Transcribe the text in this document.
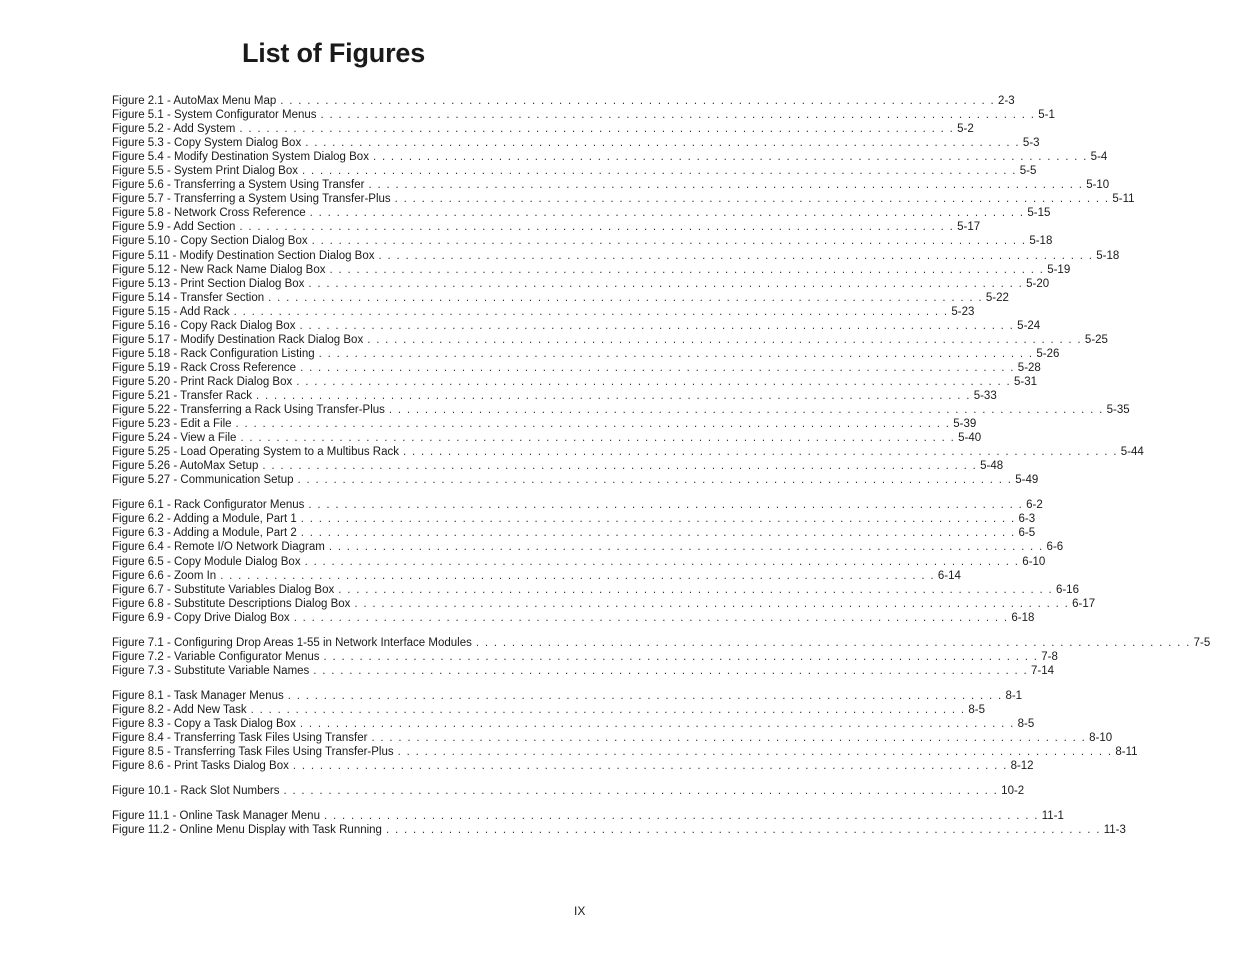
List of Figures
Figure 2.1 - AutoMax Menu Map . . . . . . . . . . . . . . . . . . . . . . . . . . . . . . . . . . . . . . . . . . . . . . . . . . . . . . . . . . . . . . . . . . . . . . . . . . . . . . . . 2-3
Figure 5.1 - System Configurator Menus . . . . . . . . . . . . . . . . . . . . . . . . . . . . . . . . . . . . . . . . . . . . . . . . . . . . . . . . . . . . . . . . . . . . . . . . . . . . . . . . 5-1
Figure 5.2 - Add System . . . . . . . . . . . . . . . . . . . . . . . . . . . . . . . . . . . . . . . . . . . . . . . . . . . . . . . . . . . . . . . . . . . . . . . . . . . . . . . . 5-2
Figure 5.3 - Copy System Dialog Box . . . . . . . . . . . . . . . . . . . . . . . . . . . . . . . . . . . . . . . . . . . . . . . . . . . . . . . . . . . . . . . . . . . . . . . . . . . . . . . . 5-3
Figure 5.4 - Modify Destination System Dialog Box . . . . . . . . . . . . . . . . . . . . . . . . . . . . . . . . . . . . . . . . . . . . . . . . . . . . . . . . . . . . . . . . . . . . . . . . . . . . . . . . 5-4
Figure 5.5 - System Print Dialog Box . . . . . . . . . . . . . . . . . . . . . . . . . . . . . . . . . . . . . . . . . . . . . . . . . . . . . . . . . . . . . . . . . . . . . . . . . . . . . . . . 5-5
Figure 5.6 - Transferring a System Using Transfer . . . . . . . . . . . . . . . . . . . . . . . . . . . . . . . . . . . . . . . . . . . . . . . . . . . . . . . . . . . . . . . . . . . . . . . . . . . . . . . . 5-10
Figure 5.7 - Transferring a System Using Transfer-Plus . . . . . . . . . . . . . . . . . . . . . . . . . . . . . . . . . . . . . . . . . . . . . . . . . . . . . . . . . . . . . . . . . . . . . . . . . . . . . . . . 5-11
Figure 5.8 - Network Cross Reference . . . . . . . . . . . . . . . . . . . . . . . . . . . . . . . . . . . . . . . . . . . . . . . . . . . . . . . . . . . . . . . . . . . . . . . . . . . . . . . . 5-15
Figure 5.9 - Add Section . . . . . . . . . . . . . . . . . . . . . . . . . . . . . . . . . . . . . . . . . . . . . . . . . . . . . . . . . . . . . . . . . . . . . . . . . . . . . . . . 5-17
Figure 5.10 - Copy Section Dialog Box . . . . . . . . . . . . . . . . . . . . . . . . . . . . . . . . . . . . . . . . . . . . . . . . . . . . . . . . . . . . . . . . . . . . . . . . . . . . . . . . 5-18
Figure 5.11 - Modify Destination Section Dialog Box . . . . . . . . . . . . . . . . . . . . . . . . . . . . . . . . . . . . . . . . . . . . . . . . . . . . . . . . . . . . . . . . . . . . . . . . . . . . . . . . 5-18
Figure 5.12 - New Rack Name Dialog Box . . . . . . . . . . . . . . . . . . . . . . . . . . . . . . . . . . . . . . . . . . . . . . . . . . . . . . . . . . . . . . . . . . . . . . . . . . . . . . . . 5-19
Figure 5.13 - Print Section Dialog Box . . . . . . . . . . . . . . . . . . . . . . . . . . . . . . . . . . . . . . . . . . . . . . . . . . . . . . . . . . . . . . . . . . . . . . . . . . . . . . . . 5-20
Figure 5.14 - Transfer Section . . . . . . . . . . . . . . . . . . . . . . . . . . . . . . . . . . . . . . . . . . . . . . . . . . . . . . . . . . . . . . . . . . . . . . . . . . . . . . . . 5-22
Figure 5.15 - Add Rack . . . . . . . . . . . . . . . . . . . . . . . . . . . . . . . . . . . . . . . . . . . . . . . . . . . . . . . . . . . . . . . . . . . . . . . . . . . . . . . . 5-23
Figure 5.16 - Copy Rack Dialog Box . . . . . . . . . . . . . . . . . . . . . . . . . . . . . . . . . . . . . . . . . . . . . . . . . . . . . . . . . . . . . . . . . . . . . . . . . . . . . . . . 5-24
Figure 5.17 - Modify Destination Rack Dialog Box . . . . . . . . . . . . . . . . . . . . . . . . . . . . . . . . . . . . . . . . . . . . . . . . . . . . . . . . . . . . . . . . . . . . . . . . . . . . . . . . 5-25
Figure 5.18 - Rack Configuration Listing . . . . . . . . . . . . . . . . . . . . . . . . . . . . . . . . . . . . . . . . . . . . . . . . . . . . . . . . . . . . . . . . . . . . . . . . . . . . . . . . 5-26
Figure 5.19 - Rack Cross Reference . . . . . . . . . . . . . . . . . . . . . . . . . . . . . . . . . . . . . . . . . . . . . . . . . . . . . . . . . . . . . . . . . . . . . . . . . . . . . . . . 5-28
Figure 5.20 - Print Rack Dialog Box . . . . . . . . . . . . . . . . . . . . . . . . . . . . . . . . . . . . . . . . . . . . . . . . . . . . . . . . . . . . . . . . . . . . . . . . . . . . . . . . 5-31
Figure 5.21 - Transfer Rack . . . . . . . . . . . . . . . . . . . . . . . . . . . . . . . . . . . . . . . . . . . . . . . . . . . . . . . . . . . . . . . . . . . . . . . . . . . . . . . . 5-33
Figure 5.22 - Transferring a Rack Using Transfer-Plus . . . . . . . . . . . . . . . . . . . . . . . . . . . . . . . . . . . . . . . . . . . . . . . . . . . . . . . . . . . . . . . . . . . . . . . . . . . . . . . . 5-35
Figure 5.23 - Edit a File . . . . . . . . . . . . . . . . . . . . . . . . . . . . . . . . . . . . . . . . . . . . . . . . . . . . . . . . . . . . . . . . . . . . . . . . . . . . . . . . 5-39
Figure 5.24 - View a File . . . . . . . . . . . . . . . . . . . . . . . . . . . . . . . . . . . . . . . . . . . . . . . . . . . . . . . . . . . . . . . . . . . . . . . . . . . . . . . . 5-40
Figure 5.25 - Load Operating System to a Multibus Rack . . . . . . . . . . . . . . . . . . . . . . . . . . . . . . . . . . . . . . . . . . . . . . . . . . . . . . . . . . . . . . . . . . . . . . . . . . . . . . . . 5-44
Figure 5.26 - AutoMax Setup . . . . . . . . . . . . . . . . . . . . . . . . . . . . . . . . . . . . . . . . . . . . . . . . . . . . . . . . . . . . . . . . . . . . . . . . . . . . . . . . 5-48
Figure 5.27 - Communication Setup . . . . . . . . . . . . . . . . . . . . . . . . . . . . . . . . . . . . . . . . . . . . . . . . . . . . . . . . . . . . . . . . . . . . . . . . . . . . . . . . 5-49
Figure 6.1 - Rack Configurator Menus . . . . . . . . . . . . . . . . . . . . . . . . . . . . . . . . . . . . . . . . . . . . . . . . . . . . . . . . . . . . . . . . . . . . . . . . . . . . . . . . 6-2
Figure 6.2 - Adding a Module, Part 1 . . . . . . . . . . . . . . . . . . . . . . . . . . . . . . . . . . . . . . . . . . . . . . . . . . . . . . . . . . . . . . . . . . . . . . . . . . . . . . . . 6-3
Figure 6.3 - Adding a Module, Part 2 . . . . . . . . . . . . . . . . . . . . . . . . . . . . . . . . . . . . . . . . . . . . . . . . . . . . . . . . . . . . . . . . . . . . . . . . . . . . . . . . 6-5
Figure 6.4 - Remote I/O Network Diagram . . . . . . . . . . . . . . . . . . . . . . . . . . . . . . . . . . . . . . . . . . . . . . . . . . . . . . . . . . . . . . . . . . . . . . . . . . . . . . . . 6-6
Figure 6.5 - Copy Module Dialog Box . . . . . . . . . . . . . . . . . . . . . . . . . . . . . . . . . . . . . . . . . . . . . . . . . . . . . . . . . . . . . . . . . . . . . . . . . . . . . . . . 6-10
Figure 6.6 - Zoom In . . . . . . . . . . . . . . . . . . . . . . . . . . . . . . . . . . . . . . . . . . . . . . . . . . . . . . . . . . . . . . . . . . . . . . . . . . . . . . . . 6-14
Figure 6.7 - Substitute Variables Dialog Box . . . . . . . . . . . . . . . . . . . . . . . . . . . . . . . . . . . . . . . . . . . . . . . . . . . . . . . . . . . . . . . . . . . . . . . . . . . . . . . . 6-16
Figure 6.8 - Substitute Descriptions Dialog Box . . . . . . . . . . . . . . . . . . . . . . . . . . . . . . . . . . . . . . . . . . . . . . . . . . . . . . . . . . . . . . . . . . . . . . . . . . . . . . . . 6-17
Figure 6.9 - Copy Drive Dialog Box . . . . . . . . . . . . . . . . . . . . . . . . . . . . . . . . . . . . . . . . . . . . . . . . . . . . . . . . . . . . . . . . . . . . . . . . . . . . . . . . 6-18
Figure 7.1 - Configuring Drop Areas 1-55 in Network Interface Modules . . . . . . . . . . . . . . . . . . . . . . . . . . . . . . . . . . . . . . . . . . . . . . . . . . . . . . . . . . . . . . . . . . . . . . . . . . . . . . . . 7-5
Figure 7.2 - Variable Configurator Menus . . . . . . . . . . . . . . . . . . . . . . . . . . . . . . . . . . . . . . . . . . . . . . . . . . . . . . . . . . . . . . . . . . . . . . . . . . . . . . . . 7-8
Figure 7.3 - Substitute Variable Names . . . . . . . . . . . . . . . . . . . . . . . . . . . . . . . . . . . . . . . . . . . . . . . . . . . . . . . . . . . . . . . . . . . . . . . . . . . . . . . . 7-14
Figure 8.1 - Task Manager Menus . . . . . . . . . . . . . . . . . . . . . . . . . . . . . . . . . . . . . . . . . . . . . . . . . . . . . . . . . . . . . . . . . . . . . . . . . . . . . . . . 8-1
Figure 8.2 - Add New Task . . . . . . . . . . . . . . . . . . . . . . . . . . . . . . . . . . . . . . . . . . . . . . . . . . . . . . . . . . . . . . . . . . . . . . . . . . . . . . . . 8-5
Figure 8.3 - Copy a Task Dialog Box . . . . . . . . . . . . . . . . . . . . . . . . . . . . . . . . . . . . . . . . . . . . . . . . . . . . . . . . . . . . . . . . . . . . . . . . . . . . . . . . 8-5
Figure 8.4 - Transferring Task Files Using Transfer . . . . . . . . . . . . . . . . . . . . . . . . . . . . . . . . . . . . . . . . . . . . . . . . . . . . . . . . . . . . . . . . . . . . . . . . . . . . . . . . 8-10
Figure 8.5 - Transferring Task Files Using Transfer-Plus . . . . . . . . . . . . . . . . . . . . . . . . . . . . . . . . . . . . . . . . . . . . . . . . . . . . . . . . . . . . . . . . . . . . . . . . . . . . . . . . 8-11
Figure 8.6 - Print Tasks Dialog Box . . . . . . . . . . . . . . . . . . . . . . . . . . . . . . . . . . . . . . . . . . . . . . . . . . . . . . . . . . . . . . . . . . . . . . . . . . . . . . . . 8-12
Figure 10.1 - Rack Slot Numbers . . . . . . . . . . . . . . . . . . . . . . . . . . . . . . . . . . . . . . . . . . . . . . . . . . . . . . . . . . . . . . . . . . . . . . . . . . . . . . . . 10-2
Figure 11.1 - Online Task Manager Menu . . . . . . . . . . . . . . . . . . . . . . . . . . . . . . . . . . . . . . . . . . . . . . . . . . . . . . . . . . . . . . . . . . . . . . . . . . . . . . . . 11-1
Figure 11.2 - Online Menu Display with Task Running . . . . . . . . . . . . . . . . . . . . . . . . . . . . . . . . . . . . . . . . . . . . . . . . . . . . . . . . . . . . . . . . . . . . . . . . . . . . . . . . 11-3

IX
